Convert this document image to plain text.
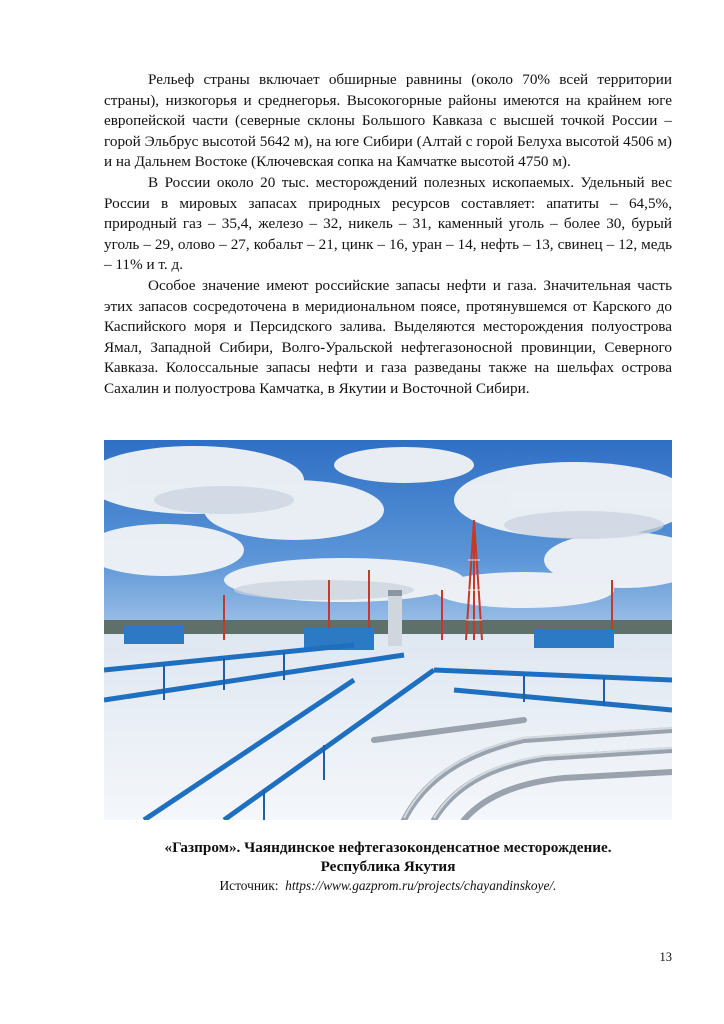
Рельеф страны включает обширные равнины (около 70% всей территории страны), низкогорья и среднегорья. Высокогорные районы имеются на крайнем юге европейской части (северные склоны Большого Кавказа с высшей точкой России – горой Эльбрус высотой 5642 м), на юге Сибири (Алтай с горой Белуха высотой 4506 м) и на Дальнем Востоке (Ключевская сопка на Камчатке высотой 4750 м).

В России около 20 тыс. месторождений полезных ископаемых. Удельный вес России в мировых запасах природных ресурсов составляет: апатиты – 64,5%, природный газ – 35,4, железо – 32, никель – 31, каменный уголь – более 30, бурый уголь – 29, олово – 27, кобальт – 21, цинк – 16, уран – 14, нефть – 13, свинец – 12, медь – 11% и т. д.

Особое значение имеют российские запасы нефти и газа. Значительная часть этих запасов сосредоточена в меридиональном поясе, протянувшемся от Карского до Каспийского моря и Персидского залива. Выделяются месторождения полуострова Ямал, Западной Сибири, Волго-Уральской нефтегазоносной провинции, Северного Кавказа. Колоссальные запасы нефти и газа разведаны также на шельфах острова Сахалин и полуострова Камчатка, в Якутии и Восточной Сибири.

«Газпром». Чаяндинское нефтегазоконденсатное месторождение.

Республика Якутия

Источник: https://www.gazprom.ru/projects/chayandinskoye/.

13
